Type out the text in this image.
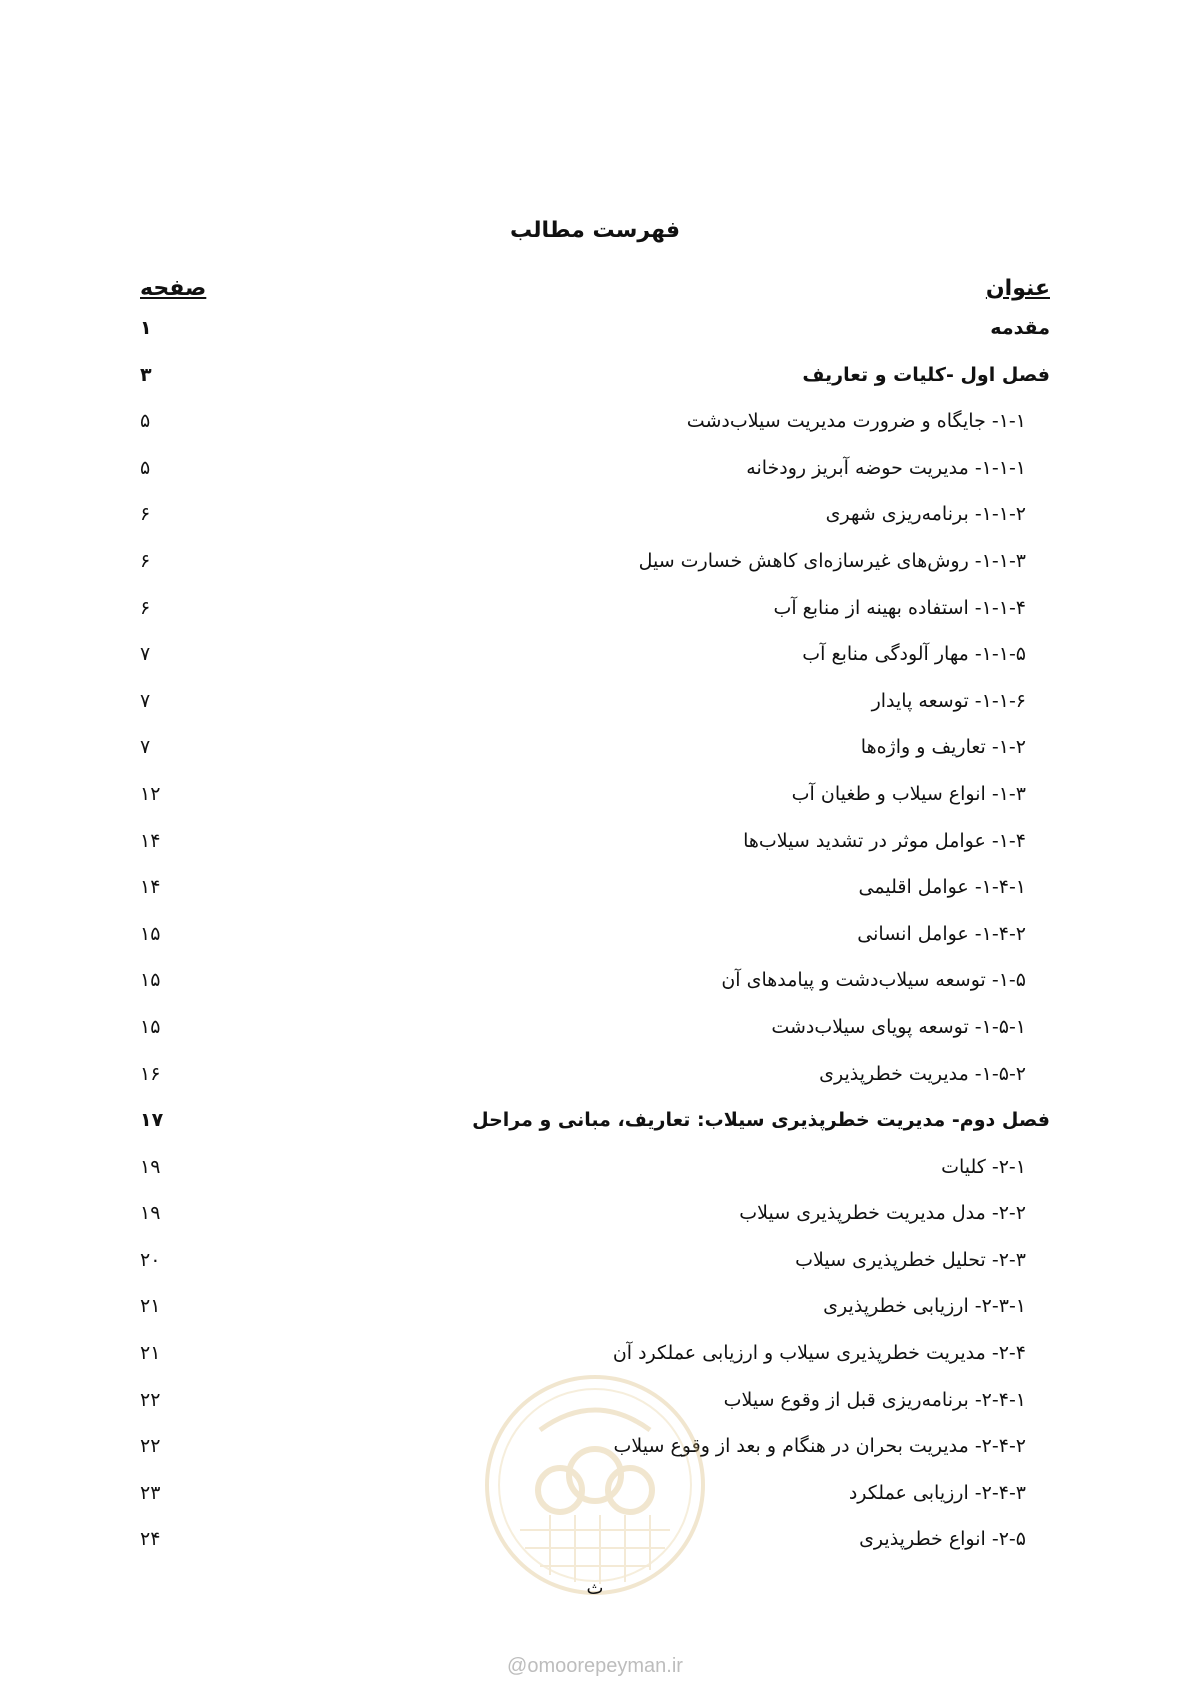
فهرست مطالب
عنوان
صفحه
مقدمه
۱
فصل اول -کلیات و تعاریف
۳
۱-۱- جایگاه و ضرورت مدیریت سیلاب‌دشت
۵
۱-۱-۱- مدیریت حوضه آبریز رودخانه
۵
۱-۱-۲- برنامه‌ریزی شهری
۶
۱-۱-۳- روش‌های غیرسازه‌ای کاهش خسارت سیل
۶
۱-۱-۴- استفاده بهینه از منابع آب
۶
۱-۱-۵- مهار آلودگی منابع آب
۷
۱-۱-۶- توسعه پایدار
۷
۱-۲- تعاریف و واژه‌ها
۷
۱-۳- انواع سیلاب و طغیان آب
۱۲
۱-۴- عوامل موثر در تشدید سیلاب‌ها
۱۴
۱-۴-۱- عوامل اقلیمی
۱۴
۱-۴-۲- عوامل انسانی
۱۵
۱-۵- توسعه سیلاب‌دشت و پیامدهای آن
۱۵
۱-۵-۱- توسعه پویای سیلاب‌دشت
۱۵
۱-۵-۲- مدیریت خطرپذیری
۱۶
فصل دوم- مدیریت خطرپذیری سیلاب: تعاریف، مبانی و مراحل
۱۷
۲-۱- کلیات
۱۹
۲-۲- مدل مدیریت خطرپذیری سیلاب
۱۹
۲-۳- تحلیل خطرپذیری سیلاب
۲۰
۲-۳-۱- ارزیابی خطرپذیری
۲۱
۲-۴- مدیریت خطرپذیری سیلاب و ارزیابی عملکرد آن
۲۱
۲-۴-۱- برنامه‌ریزی قبل از وقوع سیلاب
۲۲
۲-۴-۲- مدیریت بحران در هنگام و بعد از وقوع سیلاب
۲۲
۲-۴-۳- ارزیابی عملکرد
۲۳
۲-۵- انواع خطرپذیری
۲۴
ث
@omoorepeyman.ir
